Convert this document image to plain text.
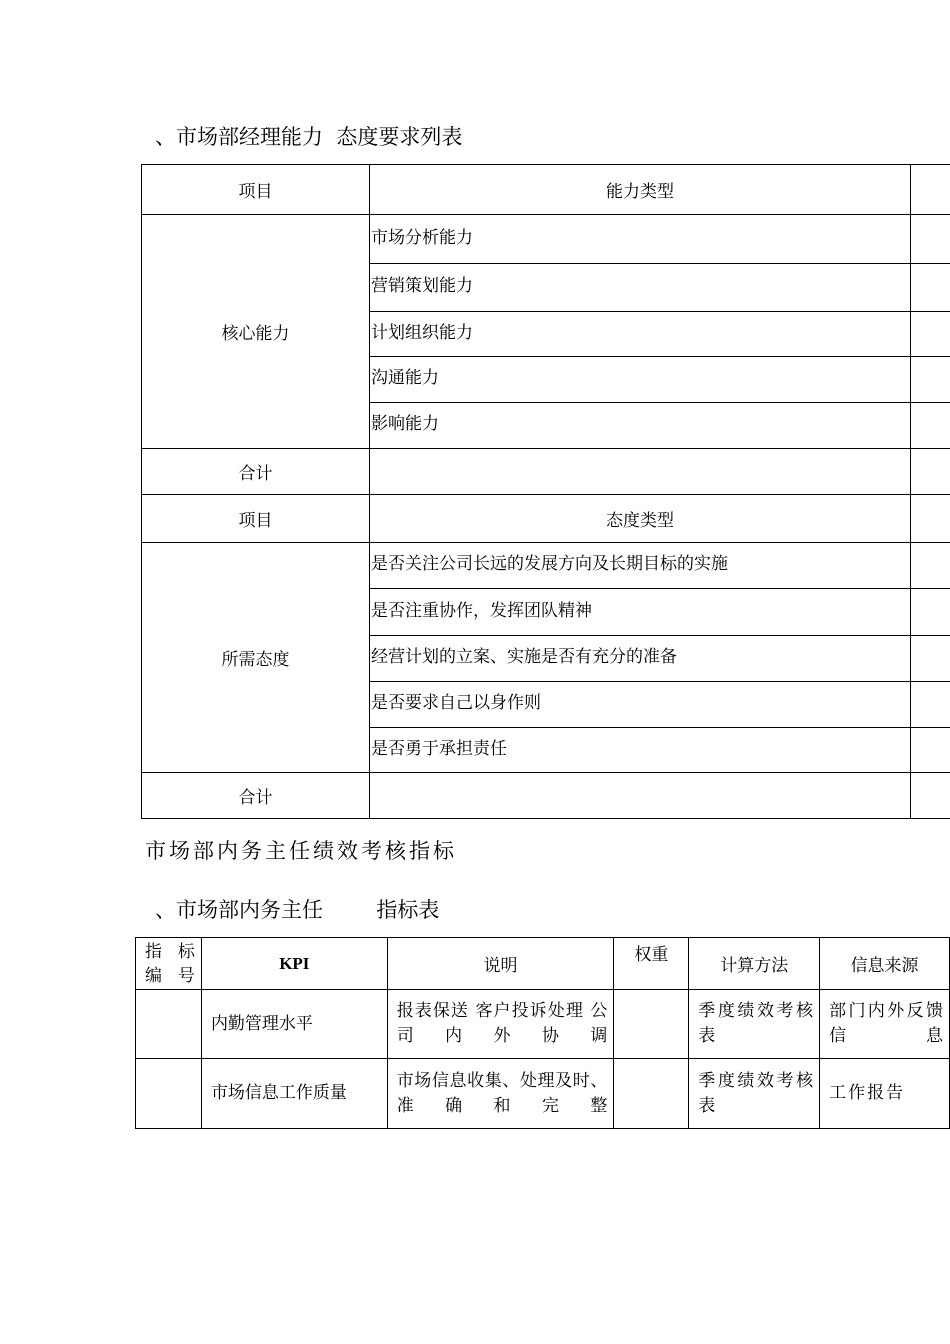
、市场部经理能力  态度要求列表
项目	能力类型	
核心能力	市场分析能力	
	营销策划能力	
	计划组织能力	
	沟通能力	
	影响能力	
合计		
项目	态度类型	
所需态度	是否关注公司长远的发展方向及长期目标的实施	
	是否注重协作，发挥团队精神	
	经营计划的立案、实施是否有充分的准备	
	是否要求自己以身作则	
	是否勇于承担责任	
合计		
市场部内务主任绩效考核指标
、市场部内务主任        指标表
指 标
编 号	KPI	说明	权重	计算方法	信息来源
	内勤管理水平	报表保送 客户投诉处理 公司内外协调		季度绩效考核表	部门内外反馈信息
	市场信息工作质量	市场信息收集、处理及时、准确和完整		季度绩效考核表	工作报告
